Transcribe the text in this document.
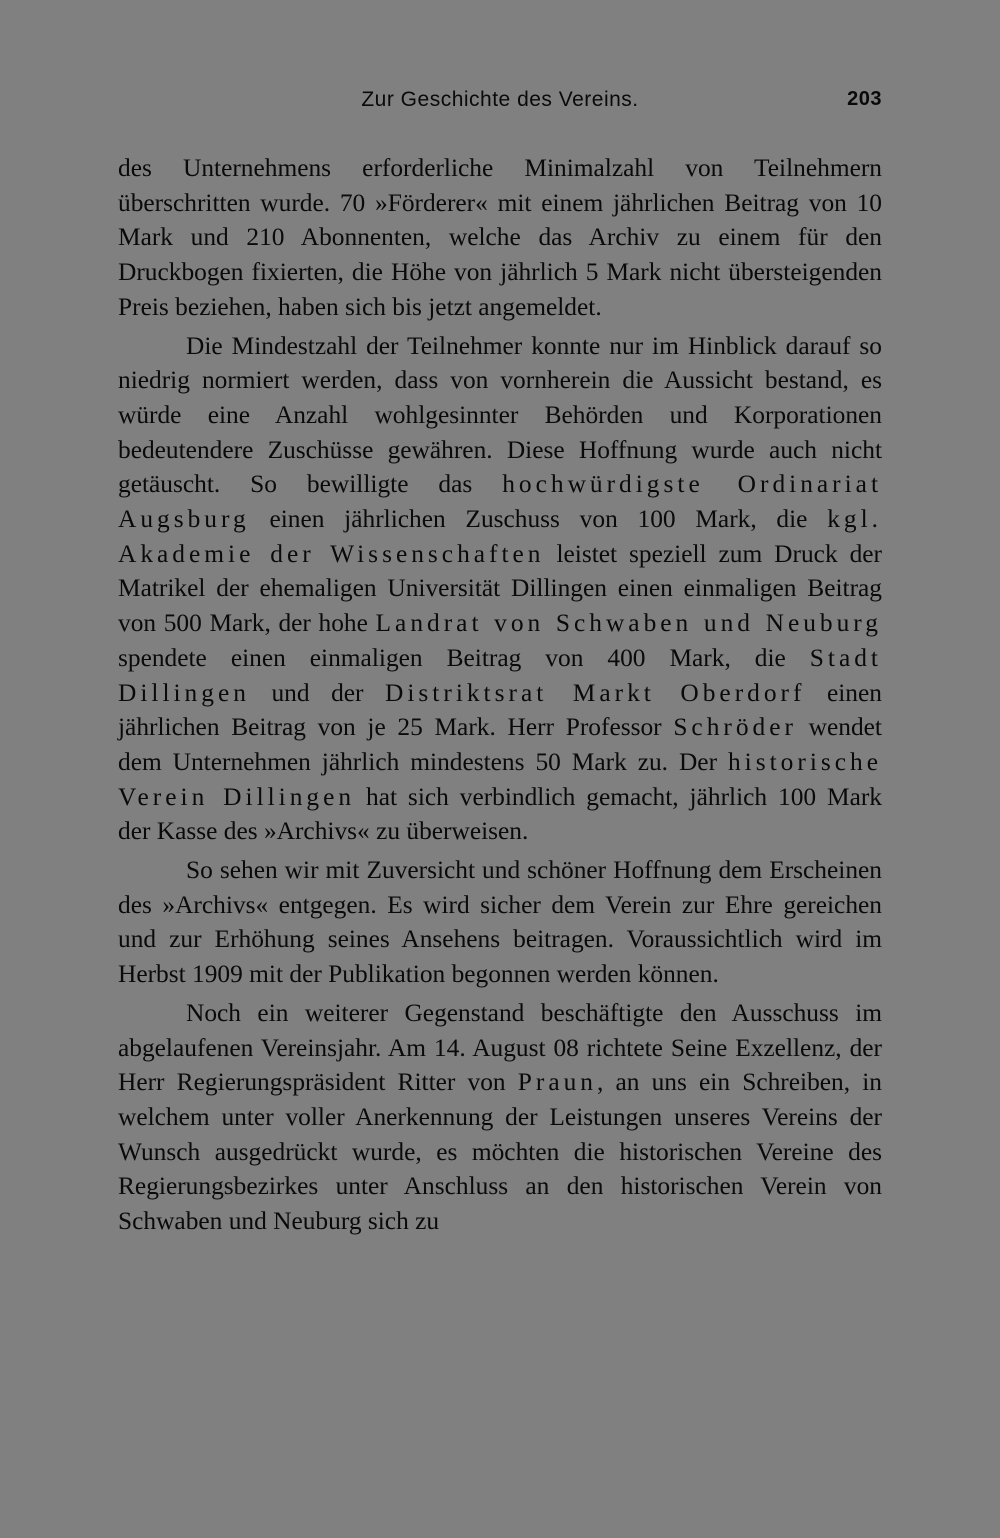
Zur Geschichte des Vereins.	203

des Unternehmens erforderliche Minimalzahl von Teilnehmern überschritten wurde. 70 »Förderer« mit einem jährlichen Beitrag von 10 Mark und 210 Abonnenten, welche das Archiv zu einem für den Druckbogen fixierten, die Höhe von jährlich 5 Mark nicht übersteigenden Preis beziehen, haben sich bis jetzt angemeldet.

Die Mindestzahl der Teilnehmer konnte nur im Hinblick darauf so niedrig normiert werden, dass von vornherein die Aussicht bestand, es würde eine Anzahl wohlgesinnter Behörden und Korporationen bedeutendere Zuschüsse gewähren. Diese Hoffnung wurde auch nicht getäuscht. So bewilligte das hochwürdigste Ordinariat Augsburg einen jährlichen Zuschuss von 100 Mark, die kgl. Akademie der Wissenschaften leistet speziell zum Druck der Matrikel der ehemaligen Universität Dillingen einen einmaligen Beitrag von 500 Mark, der hohe Landrat von Schwaben und Neuburg spendete einen einmaligen Beitrag von 400 Mark, die Stadt Dillingen und der Distriktsrat Markt Oberdorf einen jährlichen Beitrag von je 25 Mark. Herr Professor Schröder wendet dem Unternehmen jährlich mindestens 50 Mark zu. Der historische Verein Dillingen hat sich verbindlich gemacht, jährlich 100 Mark der Kasse des »Archivs« zu überweisen.

So sehen wir mit Zuversicht und schöner Hoffnung dem Erscheinen des »Archivs« entgegen. Es wird sicher dem Verein zur Ehre gereichen und zur Erhöhung seines Ansehens beitragen. Voraussichtlich wird im Herbst 1909 mit der Publikation begonnen werden können.

Noch ein weiterer Gegenstand beschäftigte den Ausschuss im abgelaufenen Vereinsjahr. Am 14. August 08 richtete Seine Exzellenz, der Herr Regierungspräsident Ritter von Praun, an uns ein Schreiben, in welchem unter voller Anerkennung der Leistungen unseres Vereins der Wunsch ausgedrückt wurde, es möchten die historischen Vereine des Regierungsbezirkes unter Anschluss an den historischen Verein von Schwaben und Neuburg sich zu
